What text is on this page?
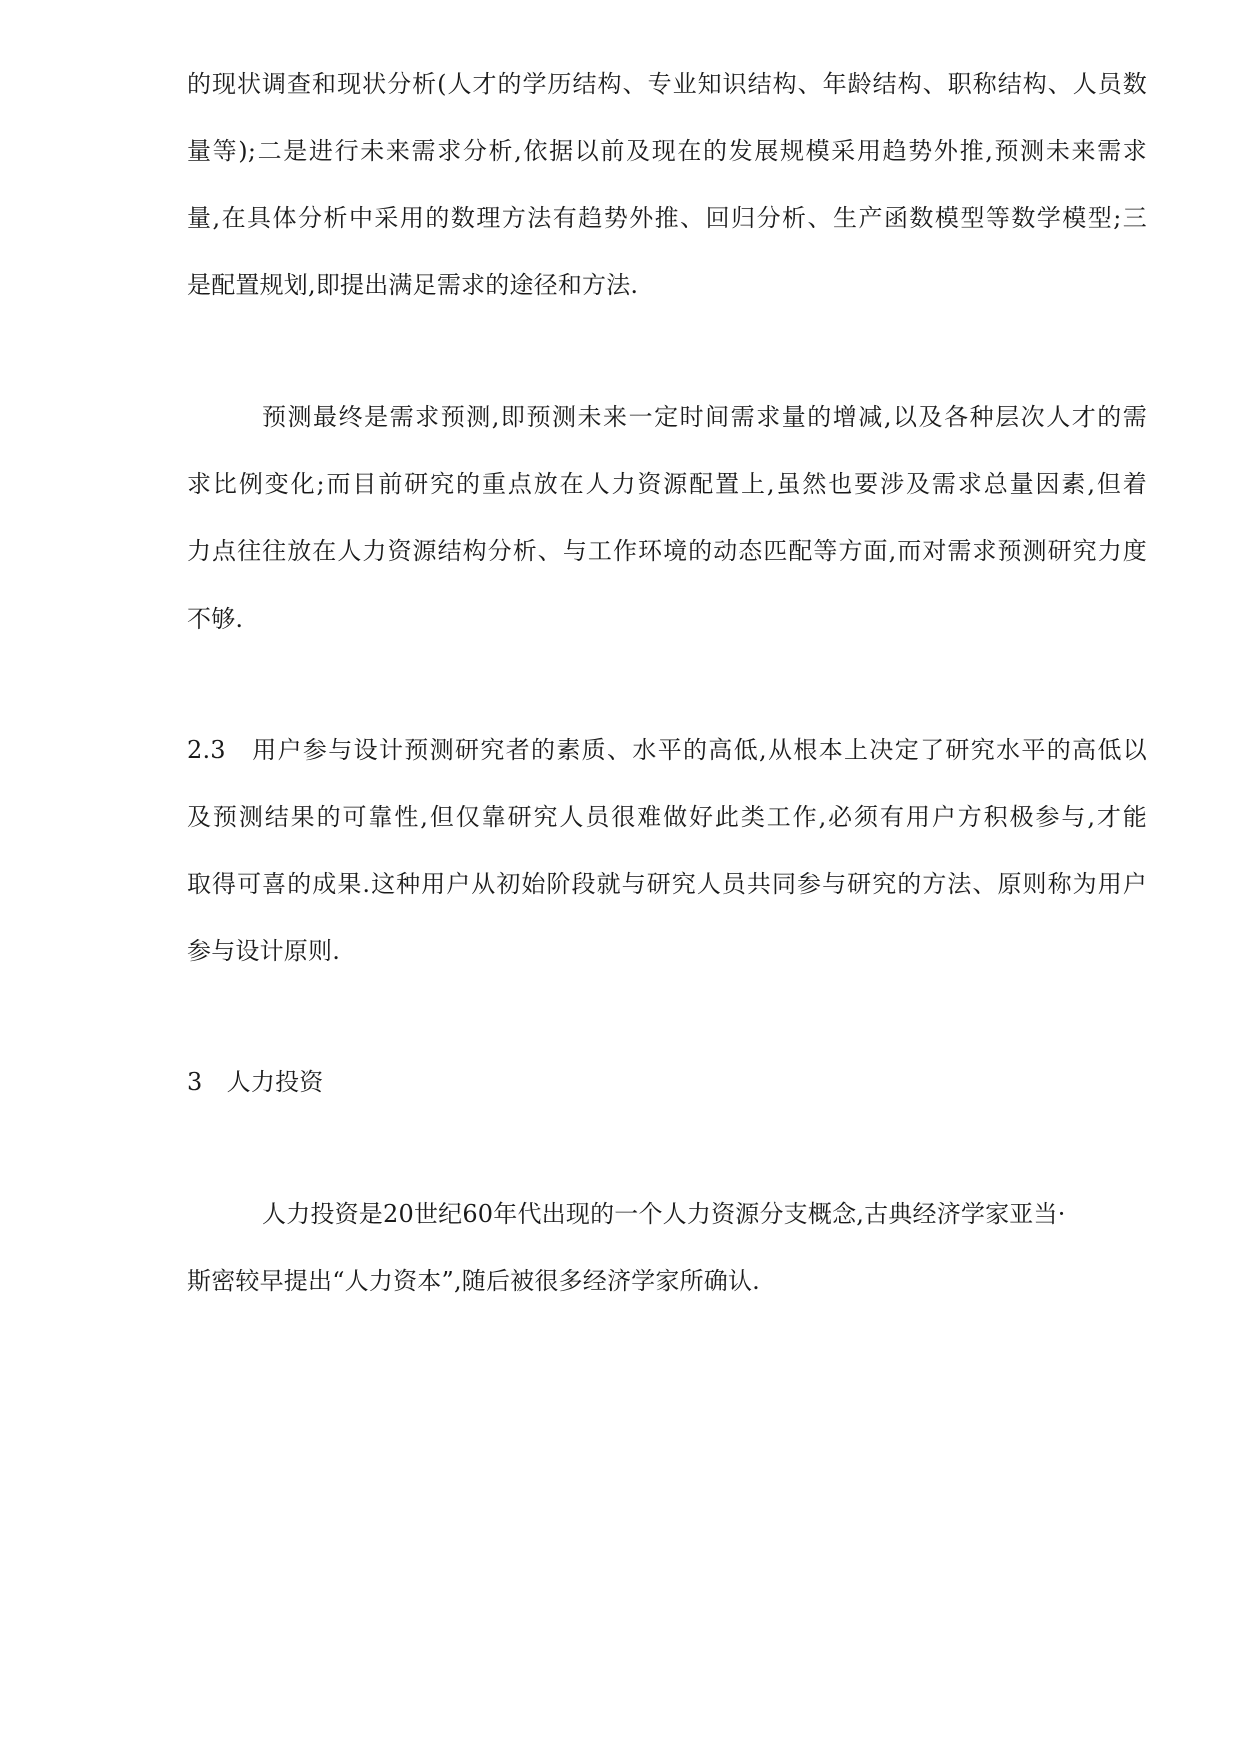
的现状调查和现状分析(人才的学历结构、专业知识结构、年龄结构、职称结构、人员数
量等);二是进行未来需求分析,依据以前及现在的发展规模采用趋势外推,预测未来需求
量,在具体分析中采用的数理方法有趋势外推、回归分析、生产函数模型等数学模型;三
是配置规划,即提出满足需求的途径和方法.
预测最终是需求预测,即预测未来一定时间需求量的增减,以及各种层次人才的需
求比例变化;而目前研究的重点放在人力资源配置上,虽然也要涉及需求总量因素,但着
力点往往放在人力资源结构分析、与工作环境的动态匹配等方面,而对需求预测研究力度
不够.
2.3　用户参与设计预测研究者的素质、水平的高低,从根本上决定了研究水平的高低以
及预测结果的可靠性,但仅靠研究人员很难做好此类工作,必须有用户方积极参与,才能
取得可喜的成果.这种用户从初始阶段就与研究人员共同参与研究的方法、原则称为用户
参与设计原则.
3　人力投资
人力投资是20世纪60年代出现的一个人力资源分支概念,古典经济学家亚当·
斯密较早提出“人力资本”,随后被很多经济学家所确认.
